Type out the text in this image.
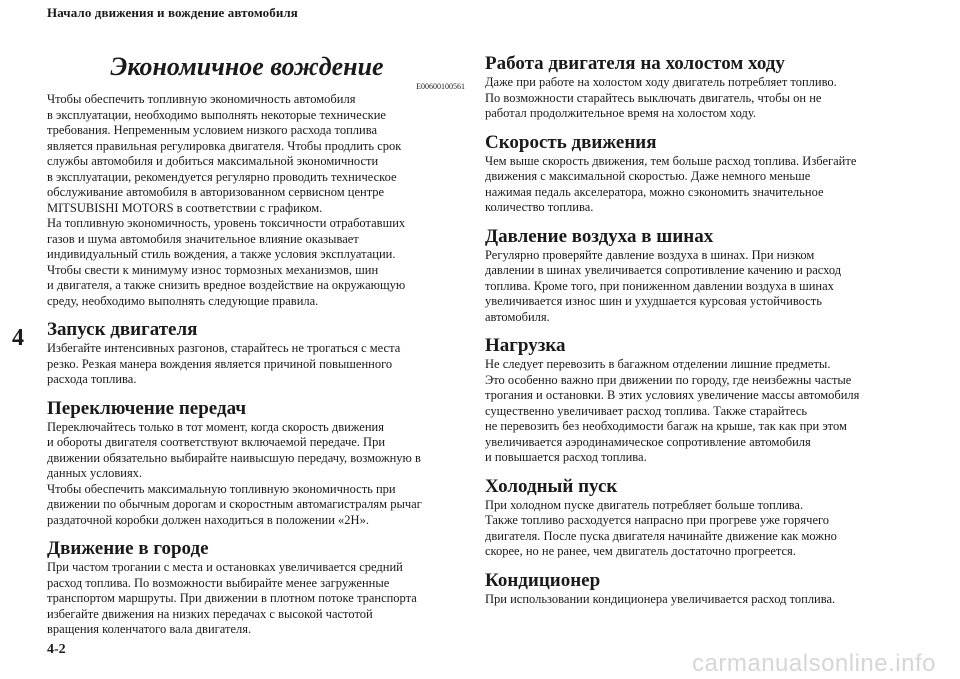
Начало движения и вождение автомобиля
4
Экономичное вождение
E00600100561

Чтобы обеспечить топливную экономичность автомобиля
в эксплуатации, необходимо выполнять некоторые технические
требования. Непременным условием низкого расхода топлива
является правильная регулировка двигателя. Чтобы продлить срок
службы автомобиля и добиться максимальной экономичности
в эксплуатации, рекомендуется регулярно проводить техническое
обслуживание автомобиля в авторизованном сервисном центре
MITSUBISHI MOTORS в соответствии с графиком.
На топливную экономичность, уровень токсичности отработавших
газов и шума автомобиля значительное влияние оказывает
индивидуальный стиль вождения, а также условия эксплуатации.
Чтобы свести к минимуму износ тормозных механизмов, шин
и двигателя, а также снизить вредное воздействие на окружающую
среду, необходимо выполнять следующие правила.

Запуск двигателя

Избегайте интенсивных разгонов, старайтесь не трогаться с места
резко. Резкая манера вождения является причиной повышенного
расхода топлива.

Переключение передач

Переключайтесь только в тот момент, когда скорость движения
и обороты двигателя соответствуют включаемой передаче. При
движении обязательно выбирайте наивысшую передачу, возможную в
данных условиях.
Чтобы обеспечить максимальную топливную экономичность при
движении по обычным дорогам и скоростным автомагистралям рычаг
раздаточной коробки должен находиться в положении «2H».

Движение в городе

При частом трогании с места и остановках увеличивается средний
расход топлива. По возможности выбирайте менее загруженные
транспортом маршруты. При движении в плотном потоке транспорта
избегайте движения на низких передачах с высокой частотой
вращения коленчатого вала двигателя.

Работа двигателя на холостом ходу

Даже при работе на холостом ходу двигатель потребляет топливо.
По возможности старайтесь выключать двигатель, чтобы он не
работал продолжительное время на холостом ходу.

Скорость движения

Чем выше скорость движения, тем больше расход топлива. Избегайте
движения с максимальной скоростью. Даже немного меньше
нажимая педаль акселератора, можно сэкономить значительное
количество топлива.

Давление воздуха в шинах

Регулярно проверяйте давление воздуха в шинах. При низком
давлении в шинах увеличивается сопротивление качению и расход
топлива. Кроме того, при пониженном давлении воздуха в шинах
увеличивается износ шин и ухудшается курсовая устойчивость
автомобиля.

Нагрузка

Не следует перевозить в багажном отделении лишние предметы.
Это особенно важно при движении по городу, где неизбежны частые
трогания и остановки. В этих условиях увеличение массы автомобиля
существенно увеличивает расход топлива. Также старайтесь
не перевозить без необходимости багаж на крыше, так как при этом
увеличивается аэродинамическое сопротивление автомобиля
и повышается расход топлива.

Холодный пуск

При холодном пуске двигатель потребляет больше топлива.
Также топливо расходуется напрасно при прогреве уже горячего
двигателя. После пуска двигателя начинайте движение как можно
скорее, но не ранее, чем двигатель достаточно прогреется.

Кондиционер

При использовании кондиционера увеличивается расход топлива.

4-2
carmanualsonline.info
